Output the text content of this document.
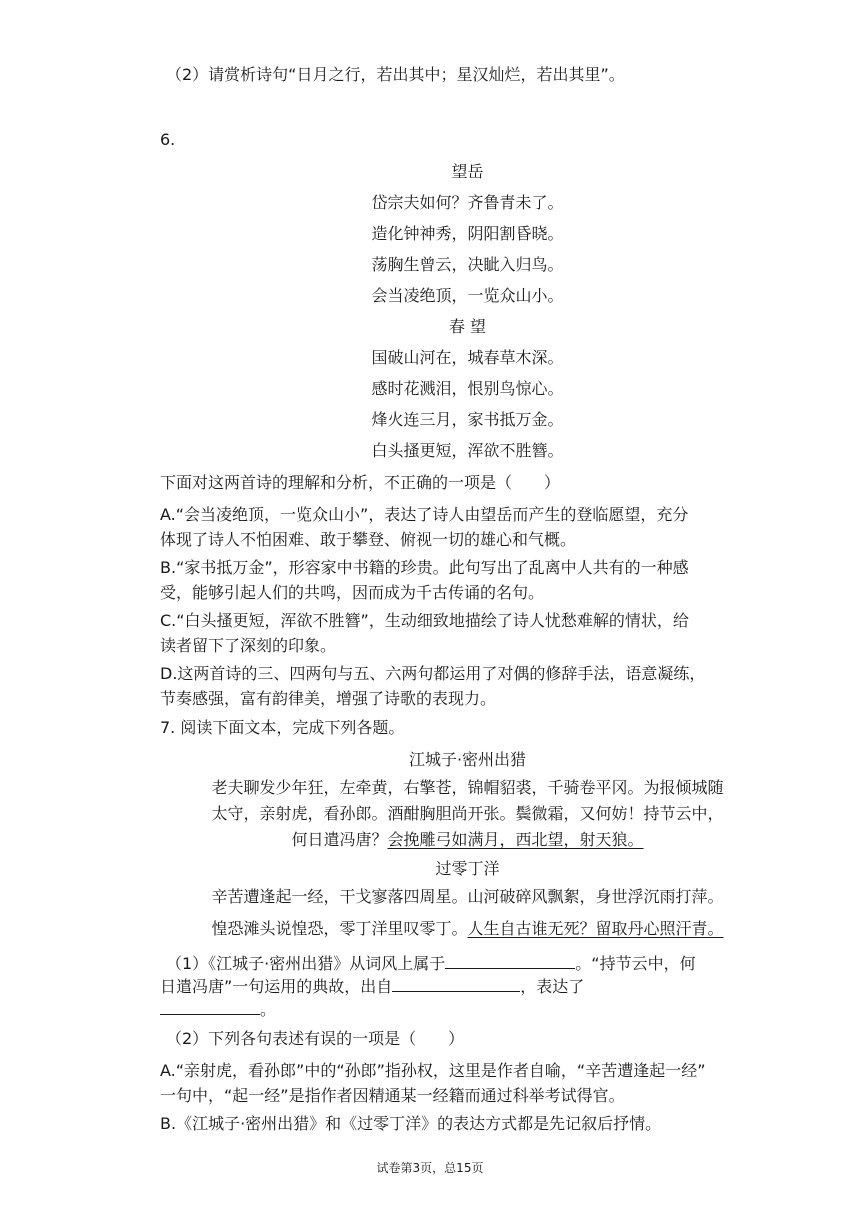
（2）请赏析诗句“日月之行，若出其中；星汉灿烂，若出其里”。
6.
望岳
岱宗夫如何？齐鲁青未了。
造化钟神秀，阴阳割昏晓。
荡胸生曾云，决眦入归鸟。
会当凌绝顶，一览众山小。
春 望
国破山河在，城春草木深。
感时花溅泪，恨别鸟惊心。
烽火连三月，家书抵万金。
白头搔更短，浑欲不胜簪。
下面对这两首诗的理解和分析，不正确的一项是（　　）
A.“会当凌绝顶，一览众山小”，表达了诗人由望岳而产生的登临愿望，充分
体现了诗人不怕困难、敢于攀登、俯视一切的雄心和气概。
B.“家书抵万金”，形容家中书籍的珍贵。此句写出了乱离中人共有的一种感
受，能够引起人们的共鸣，因而成为千古传诵的名句。
C.“白头搔更短，浑欲不胜簪”，生动细致地描绘了诗人忧愁难解的情状，给
读者留下了深刻的印象。
D.这两首诗的三、四两句与五、六两句都运用了对偶的修辞手法，语意凝练，
节奏感强，富有韵律美，增强了诗歌的表现力。
7. 阅读下面文本，完成下列各题。
江城子·密州出猎
老夫聊发少年狂，左牵黄，右擎苍，锦帽貂裘，千骑卷平冈。为报倾城随
太守，亲射虎，看孙郎。酒酣胸胆尚开张。鬓微霜，又何妨！持节云中，
何日遣冯唐？会挽雕弓如满月，西北望，射天狼。
过零丁洋
辛苦遭逢起一经，干戈寥落四周星。山河破碎风飘絮，身世浮沉雨打萍。
惶恐滩头说惶恐，零丁洋里叹零丁。人生自古谁无死？留取丹心照汗青。
（1）《江城子·密州出猎》从词风上属于	。“持节云中，何
日遣冯唐”一句运用的典故，出自	，表达了
。
（2）下列各句表述有误的一项是（　　）
A.“亲射虎，看孙郎”中的“孙郎”指孙权，这里是作者自喻，“辛苦遭逢起一经”
一句中，“起一经”是指作者因精通某一经籍而通过科举考试得官。
B.《江城子·密州出猎》和《过零丁洋》的表达方式都是先记叙后抒情。
试卷第3页，总15页
